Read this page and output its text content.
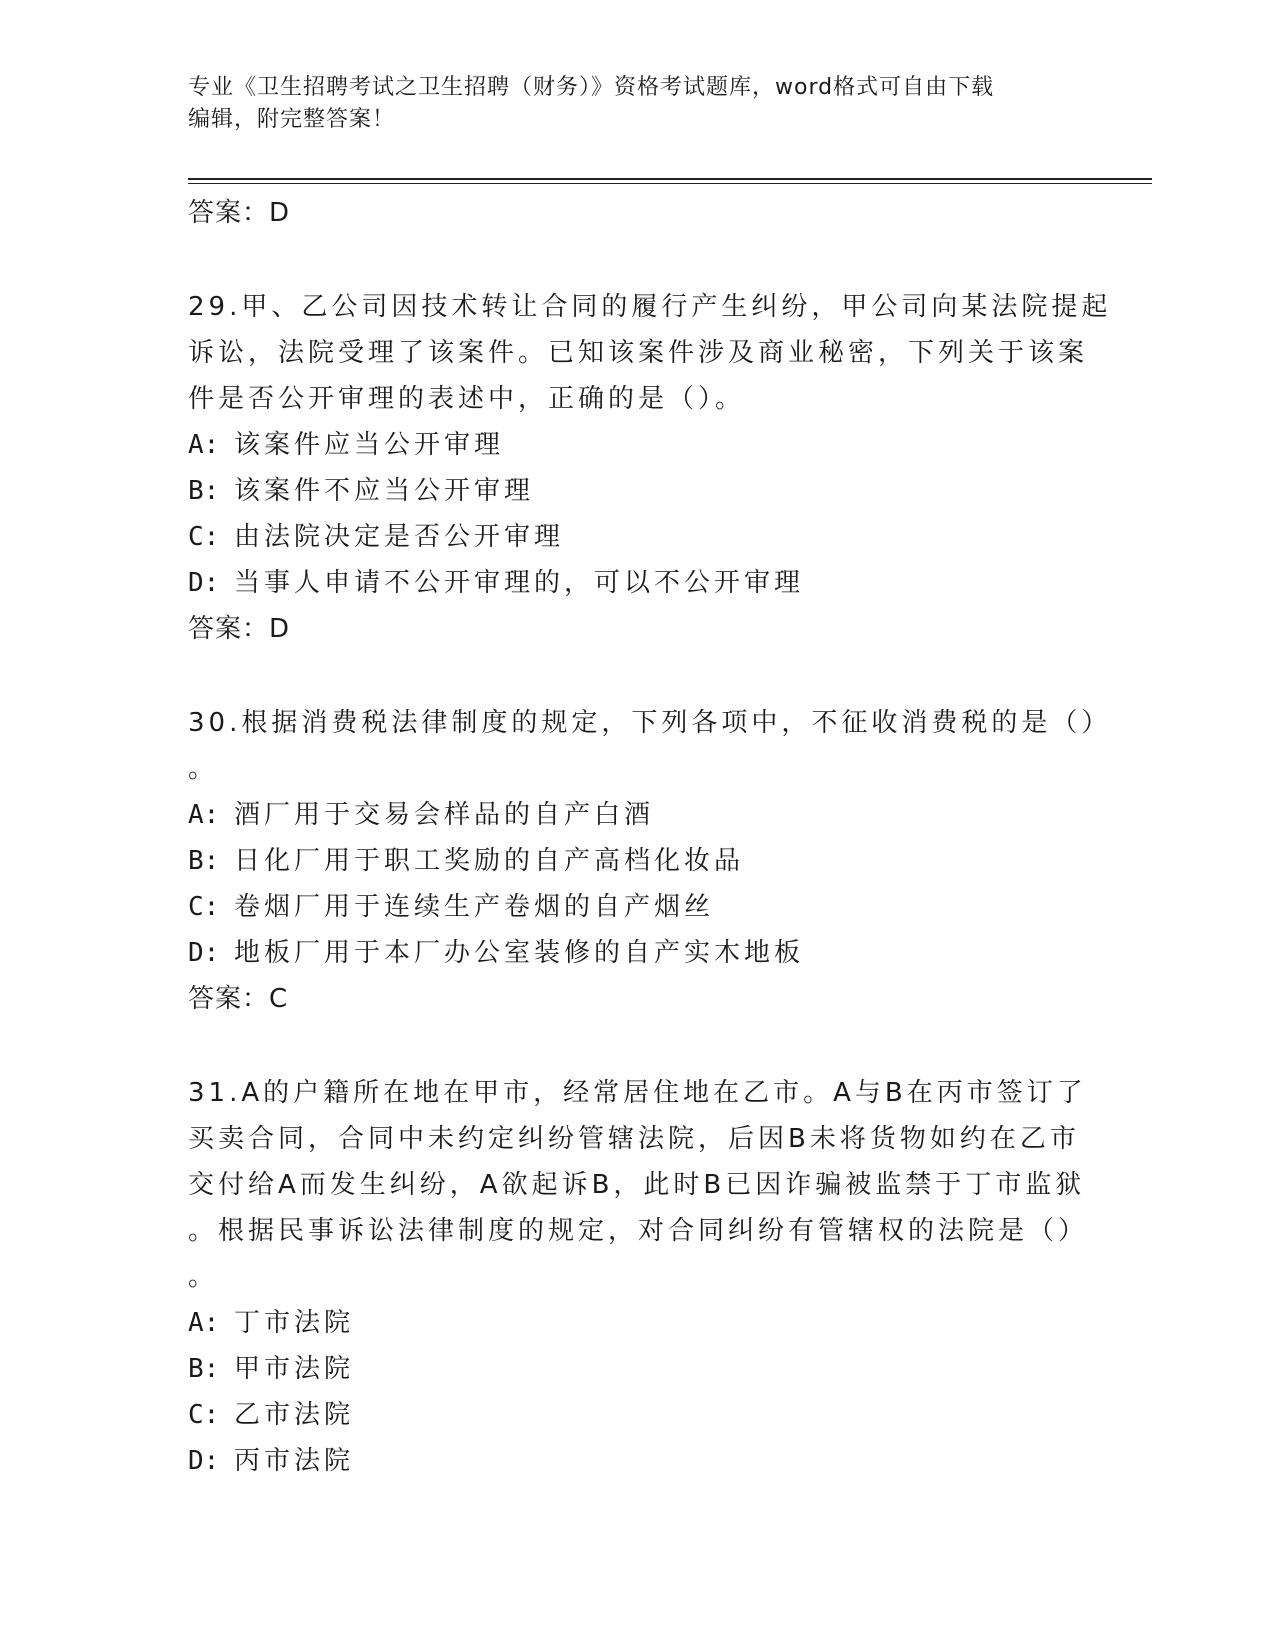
专业《卫生招聘考试之卫生招聘（财务）》资格考试题库，word格式可自由下载
编辑，附完整答案！
答案：D
29.甲、乙公司因技术转让合同的履行产生纠纷，甲公司向某法院提起
诉讼，法院受理了该案件。已知该案件涉及商业秘密，下列关于该案
件是否公开审理的表述中，正确的是（）。
A: 该案件应当公开审理
B: 该案件不应当公开审理
C: 由法院决定是否公开审理
D: 当事人申请不公开审理的，可以不公开审理
答案：D
30.根据消费税法律制度的规定，下列各项中，不征收消费税的是（）
。
A: 酒厂用于交易会样品的自产白酒
B: 日化厂用于职工奖励的自产高档化妆品
C: 卷烟厂用于连续生产卷烟的自产烟丝
D: 地板厂用于本厂办公室装修的自产实木地板
答案：C
31.A的户籍所在地在甲市，经常居住地在乙市。A与B在丙市签订了
买卖合同，合同中未约定纠纷管辖法院，后因B未将货物如约在乙市
交付给A而发生纠纷，A欲起诉B，此时B已因诈骗被监禁于丁市监狱
。根据民事诉讼法律制度的规定，对合同纠纷有管辖权的法院是（）
。
A: 丁市法院
B: 甲市法院
C: 乙市法院
D: 丙市法院
